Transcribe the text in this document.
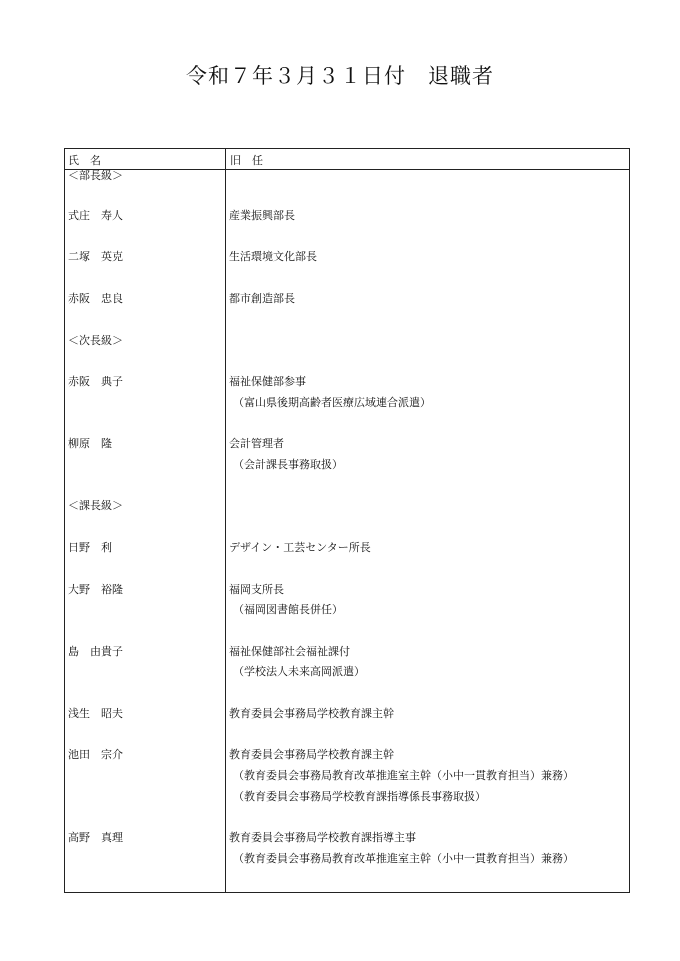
令和７年３月３１日付　退職者
氏　名	旧　任
＜部長級＞
式庄　寿人	産業振興部長
二塚　英克	生活環境文化部長
赤阪　忠良	都市創造部長
＜次長級＞
赤阪　典子	福祉保健部参事
（富山県後期高齢者医療広域連合派遣）
柳原　隆	会計管理者
（会計課長事務取扱）
＜課長級＞
日野　利	デザイン・工芸センター所長
大野　裕隆	福岡支所長
（福岡図書館長併任）
島　由貴子	福祉保健部社会福祉課付
（学校法人未来高岡派遣）
浅生　昭夫	教育委員会事務局学校教育課主幹
池田　宗介	教育委員会事務局学校教育課主幹
（教育委員会事務局教育改革推進室主幹（小中一貫教育担当）兼務）
（教育委員会事務局学校教育課指導係長事務取扱）
高野　真理	教育委員会事務局学校教育課指導主事
（教育委員会事務局教育改革推進室主幹（小中一貫教育担当）兼務）
